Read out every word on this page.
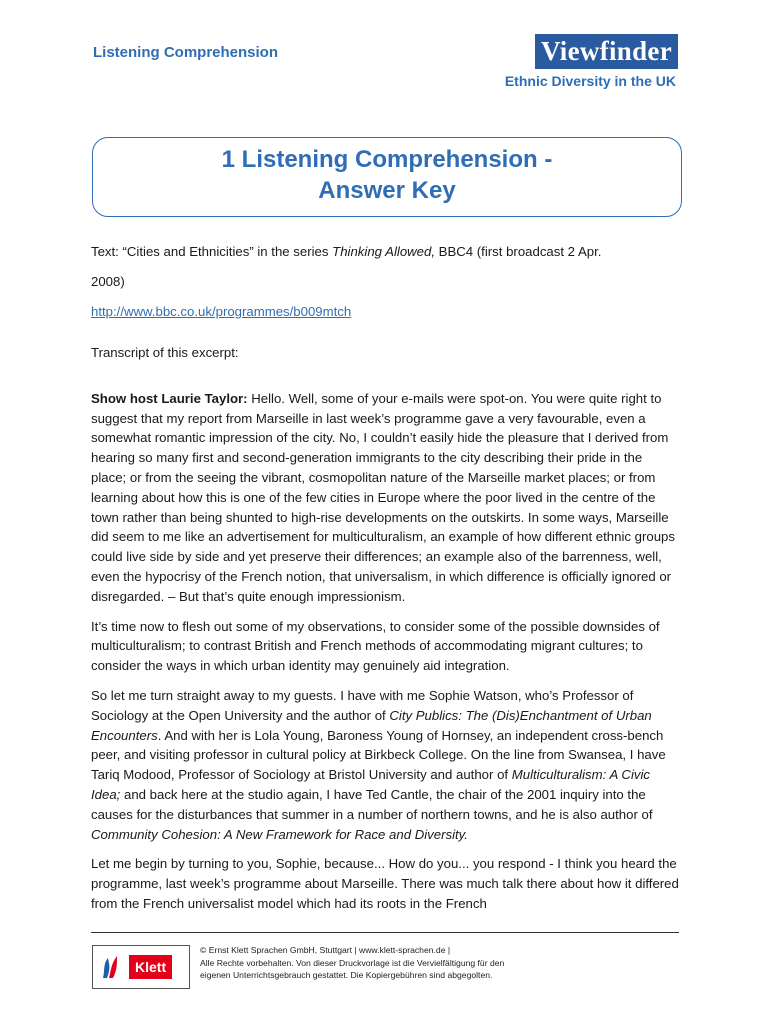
Listening Comprehension	Viewfinder
Ethnic Diversity in the UK
1 Listening Comprehension -
Answer Key

Text: “Cities and Ethnicities” in the series Thinking Allowed, BBC4 (first broadcast 2 Apr.
2008)

http://www.bbc.co.uk/programmes/b009mtch

Transcript of this excerpt:

Show host Laurie Taylor: Hello. Well, some of your e-mails were spot-on. You were quite right to suggest that my report from Marseille in last week’s programme gave a very favourable, even a somewhat romantic impression of the city. No, I couldn’t easily hide the pleasure that I derived from hearing so many first and second-generation immigrants to the city describing their pride in the place; or from the seeing the vibrant, cosmopolitan nature of the Marseille market places; or from learning about how this is one of the few cities in Europe where the poor lived in the centre of the town rather than being shunted to high-rise developments on the outskirts. In some ways, Marseille did seem to me like an advertisement for multiculturalism, an example of how different ethnic groups could live side by side and yet preserve their differences; an example also of the barrenness, well, even the hypocrisy of the French notion, that universalism, in which difference is officially ignored or disregarded. – But that’s quite enough impressionism.

It’s time now to flesh out some of my observations, to consider some of the possible downsides of multiculturalism; to contrast British and French methods of accommodating migrant cultures; to consider the ways in which urban identity may genuinely aid integration.

So let me turn straight away to my guests. I have with me Sophie Watson, who’s Professor of Sociology at the Open University and the author of City Publics: The (Dis)Enchantment of Urban Encounters. And with her is Lola Young, Baroness Young of Hornsey, an independent cross-bench peer, and visiting professor in cultural policy at Birkbeck College. On the line from Swansea, I have Tariq Modood, Professor of Sociology at Bristol University and author of Multiculturalism: A Civic Idea; and back here at the studio again, I have Ted Cantle, the chair of the 2001 inquiry into the causes for the disturbances that summer in a number of northern towns, and he is also author of Community Cohesion: A New Framework for Race and Diversity.

Let me begin by turning to you, Sophie, because... How do you... you respond - I think you heard the programme, last week’s programme about Marseille. There was much talk there about how it differed from the French universalist model which had its roots in the French

Klett
© Ernst Klett Sprachen GmbH, Stuttgart | www.klett-sprachen.de |
Alle Rechte vorbehalten. Von dieser Druckvorlage ist die Vervielfältigung für den
eigenen Unterrichtsgebrauch gestattet. Die Kopiergebühren sind abgegolten.
